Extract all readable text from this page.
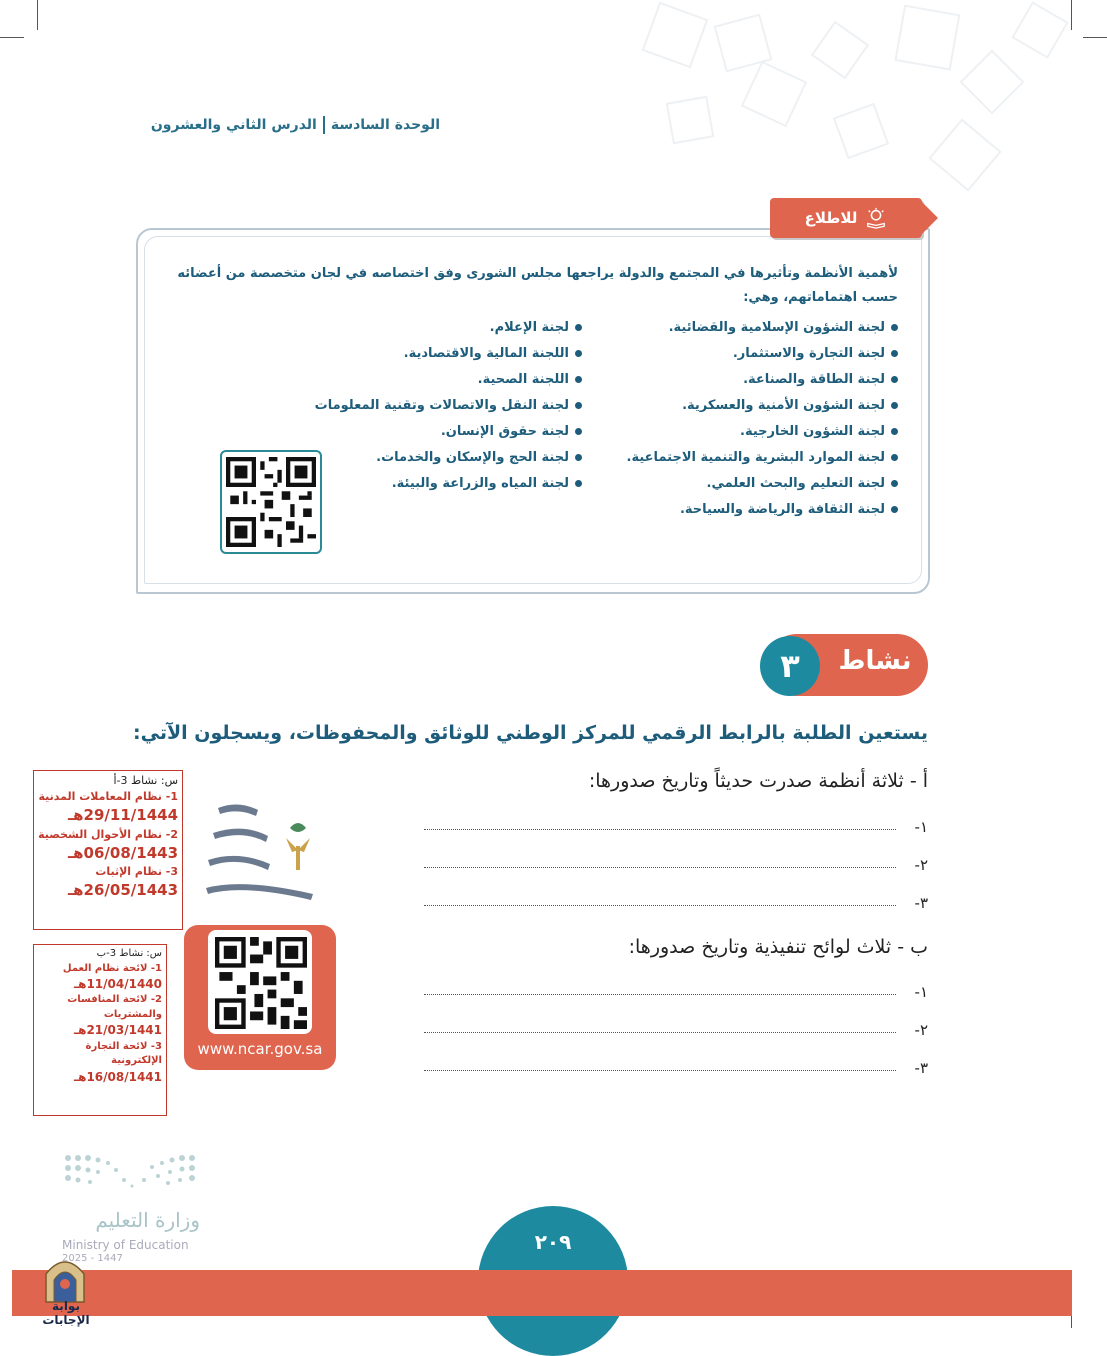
الوحدة السادسةالدرس الثاني والعشرون
للاطلاع
لأهمية الأنظمة وتأثيرها في المجتمع والدولة يراجعها مجلس الشورى وفق اختصاصه في لجان متخصصة من أعضائه حسب اهتماماتهم، وهي:
لجنة الشؤون الإسلامية والقضائية.
لجنة التجارة والاستثمار.
لجنة الطاقة والصناعة.
لجنة الشؤون الأمنية والعسكرية.
لجنة الشؤون الخارجية.
لجنة الموارد البشرية والتنمية الاجتماعية.
لجنة التعليم والبحث العلمي.
لجنة الثقافة والرياضة والسياحة.
لجنة الإعلام.
اللجنة المالية والاقتصادية.
اللجنة الصحية.
لجنة النقل والاتصالات وتقنية المعلومات
لجنة حقوق الإنسان.
لجنة الحج والإسكان والخدمات.
لجنة المياه والزراعة والبيئة.
نشاط
٣
يستعين الطلبة بالرابط الرقمي للمركز الوطني للوثائق والمحفوظات، ويسجلون الآتي:
أ - ثلاثة أنظمة صدرت حديثاً وتاريخ صدورها:
-١
-٢
-٣
ب - ثلاث لوائح تنفيذية وتاريخ صدورها:
-١
-٢
-٣
س: نشاط 3-أ
1- نظام المعاملات المدنية
29/11/1444هـ
2- نظام الأحوال الشخصية
06/08/1443هـ
3- نظام الإثبات
26/05/1443هـ
س: نشاط 3-ب
1- لائحة نظام العمل
11/04/1440هـ
2- لائحة المنافسات والمشتريات
21/03/1441هـ
3- لائحة التجارة الإلكترونية
16/08/1441هـ
www.ncar.gov.sa
وزارة التعليم
Ministry of Education
2025 - 1447
٢٠٩
بوابة الإجابات
